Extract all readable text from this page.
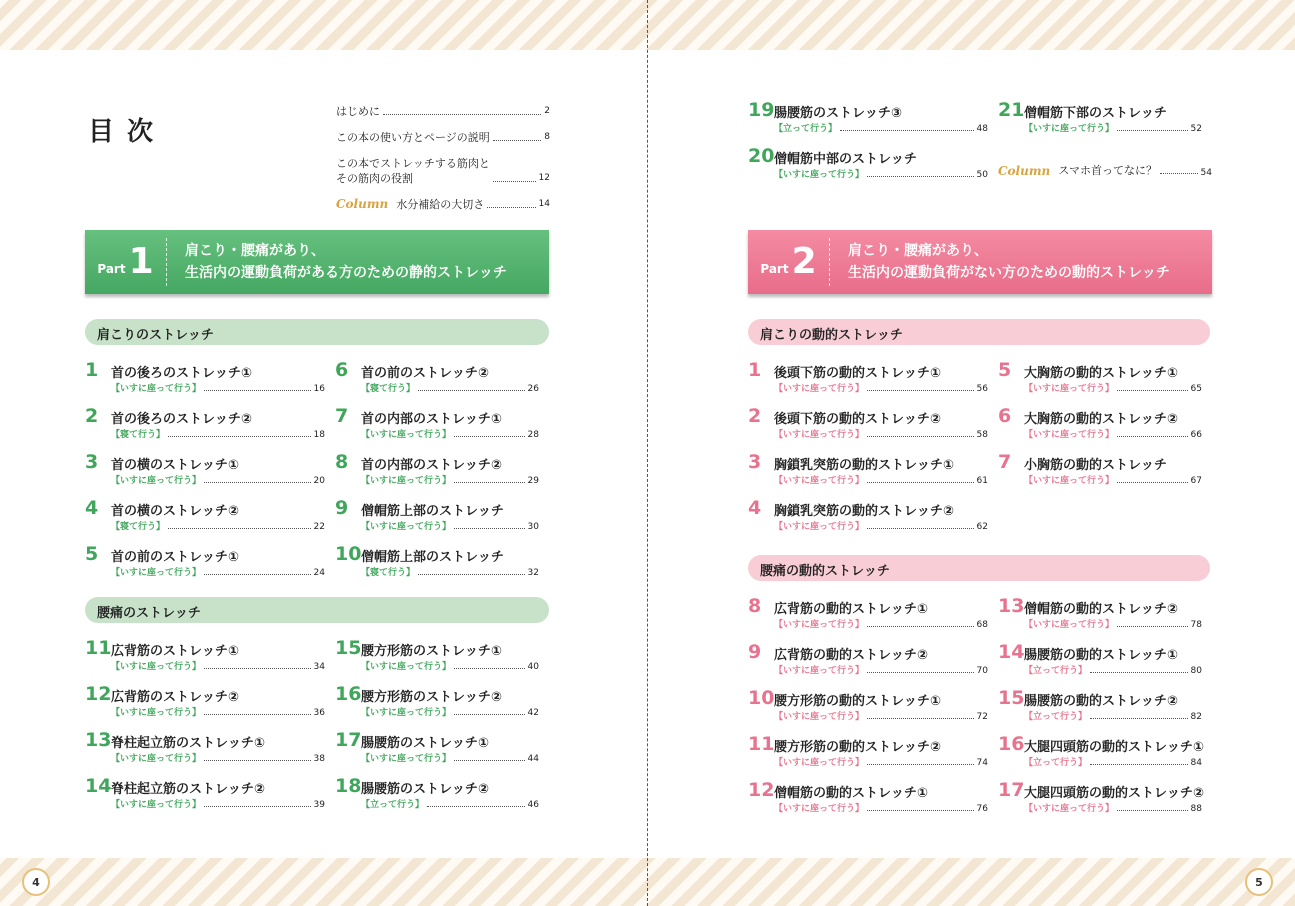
4	5
目 次
はじめに	2
この本の使い方とページの説明	8
この本でストレッチする筋肉と
その筋肉の役割	12
Column 水分補給の大切さ	14
Part 1	肩こり・腰痛があり、
生活内の運動負荷がある方のための静的ストレッチ
肩こりのストレッチ
1 首の後ろのストレッチ①
【いすに座って行う】	16
6 首の前のストレッチ②
【寝て行う】	26
2 首の後ろのストレッチ②
【寝て行う】	18
7 首の内部のストレッチ①
【いすに座って行う】	28
3 首の横のストレッチ①
【いすに座って行う】	20
8 首の内部のストレッチ②
【いすに座って行う】	29
4 首の横のストレッチ②
【寝て行う】	22
9 僧帽筋上部のストレッチ
【いすに座って行う】	30
5 首の前のストレッチ①
【いすに座って行う】	24
10 僧帽筋上部のストレッチ
【寝て行う】	32
腰痛のストレッチ
11 広背筋のストレッチ①
【いすに座って行う】	34
15 腰方形筋のストレッチ①
【いすに座って行う】	40
12 広背筋のストレッチ②
【いすに座って行う】	36
16 腰方形筋のストレッチ②
【いすに座って行う】	42
13 脊柱起立筋のストレッチ①
【いすに座って行う】	38
17 腸腰筋のストレッチ①
【いすに座って行う】	44
14 脊柱起立筋のストレッチ②
【いすに座って行う】	39
18 腸腰筋のストレッチ②
【立って行う】	46
19 腸腰筋のストレッチ③
【立って行う】	48
21 僧帽筋下部のストレッチ
【いすに座って行う】	52
20 僧帽筋中部のストレッチ
【いすに座って行う】	50 Column スマホ首ってなに？	54
Part 2	肩こり・腰痛があり、
生活内の運動負荷がない方のための動的ストレッチ
肩こりの動的ストレッチ
1 後頭下筋の動的ストレッチ①
【いすに座って行う】	56
5 大胸筋の動的ストレッチ①
【いすに座って行う】	65
2 後頭下筋の動的ストレッチ②
【いすに座って行う】	58
6 大胸筋の動的ストレッチ②
【いすに座って行う】	66
3 胸鎖乳突筋の動的ストレッチ①
【いすに座って行う】	61
7 小胸筋の動的ストレッチ
【いすに座って行う】	67
4 胸鎖乳突筋の動的ストレッチ②
【いすに座って行う】	62
腰痛の動的ストレッチ
8 広背筋の動的ストレッチ①
【いすに座って行う】	68
13 僧帽筋の動的ストレッチ②
【いすに座って行う】	78
9 広背筋の動的ストレッチ②
【いすに座って行う】	70
14 腸腰筋の動的ストレッチ①
【立って行う】	80
10 腰方形筋の動的ストレッチ①
【いすに座って行う】	72
15 腸腰筋の動的ストレッチ②
【立って行う】	82
11 腰方形筋の動的ストレッチ②
【いすに座って行う】	74
16 大腿四頭筋の動的ストレッチ①
【立って行う】	84
12 僧帽筋の動的ストレッチ①
【いすに座って行う】	76
17 大腿四頭筋の動的ストレッチ②
【いすに座って行う】	88
